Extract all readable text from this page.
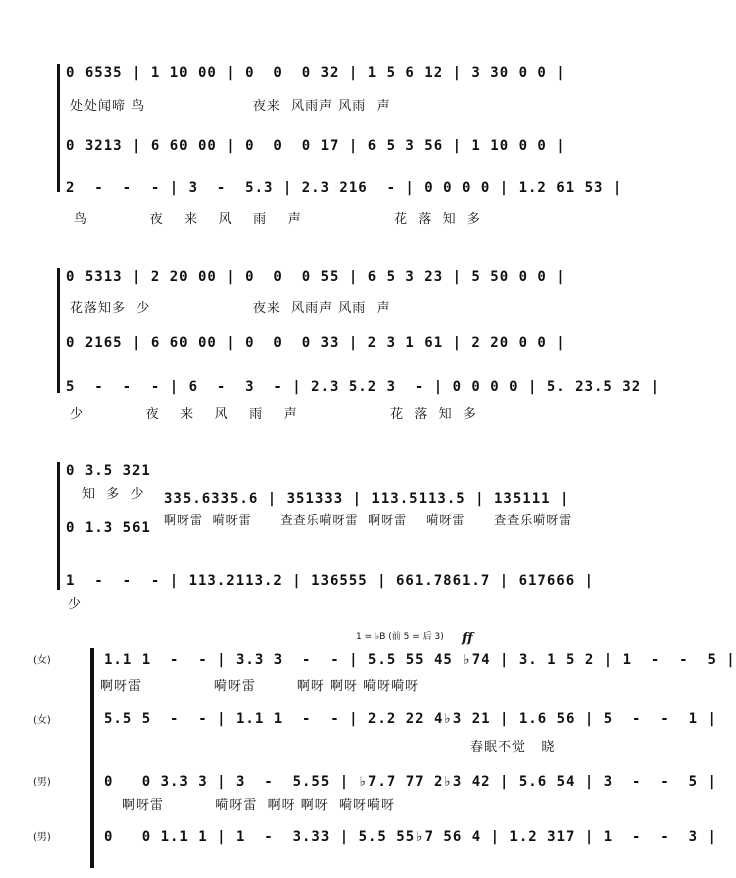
0 6535 | 1 10 00 | 0  0  0 32 | 1 5 6 12 | 3 30 0 0 |
处处闻啼 鸟                     夜来  风雨声 风雨  声
0 3213 | 6 60 00 | 0  0  0 17 | 6 5 3 56 | 1 10 0 0 |
2  -  -  - | 3  -  5.3 | 2.3 216  - | 0 0 0 0 | 1.2 61 53 |
鸟            夜    来    风    雨    声                  花  落  知  多
0 5313 | 2 20 00 | 0  0  0 55 | 6 5 3 23 | 5 50 0 0 |
花落知多  少                    夜来  风雨声 风雨  声
0 2165 | 6 60 00 | 0  0  0 33 | 2 3 1 61 | 2 20 0 0 |
5  -  -  - | 6  -  3  - | 2.3 5.2 3  - | 0 0 0 0 | 5. 23.5 32 |
少            夜    来    风    雨    声                  花  落  知  多
0 3.5 321
知  多  少 335.6335.6 | 351333 | 113.5113.5 | 135111 |
啊呀雷  嗬呀雷      查查乐嗬呀雷  啊呀雷    嗬呀雷      查查乐嗬呀雷
0 1.3 561
1  -  -  - | 113.2113.2 | 136555 | 661.7861.7 | 617666 |
少
1 = ♭B (前 5 = 后 3) ff
(女)	1.1 1  -  - | 3.3 3  -  - | 5.5 55 45 ♭74 | 3. 1 5 2 | 1  -  -  5 |
啊呀雷              嗬呀雷        啊呀 啊呀 嗬呀嗬呀
(女)	5.5 5  -  - | 1.1 1  -  - | 2.2 22 4♭3 21 | 1.6 56 | 5  -  -  1 |
春眠不觉   晓
(男)	0   0 3.3 3 | 3  -  5.55 | ♭7.7 77 2♭3 42 | 5.6 54 | 3  -  -  5 |
啊呀雷          嗬呀雷  啊呀 啊呀  嗬呀嗬呀
(男)	0   0 1.1 1 | 1  -  3.33 | 5.5 55♭7 56 4 | 1.2 317 | 1  -  -  3 |
